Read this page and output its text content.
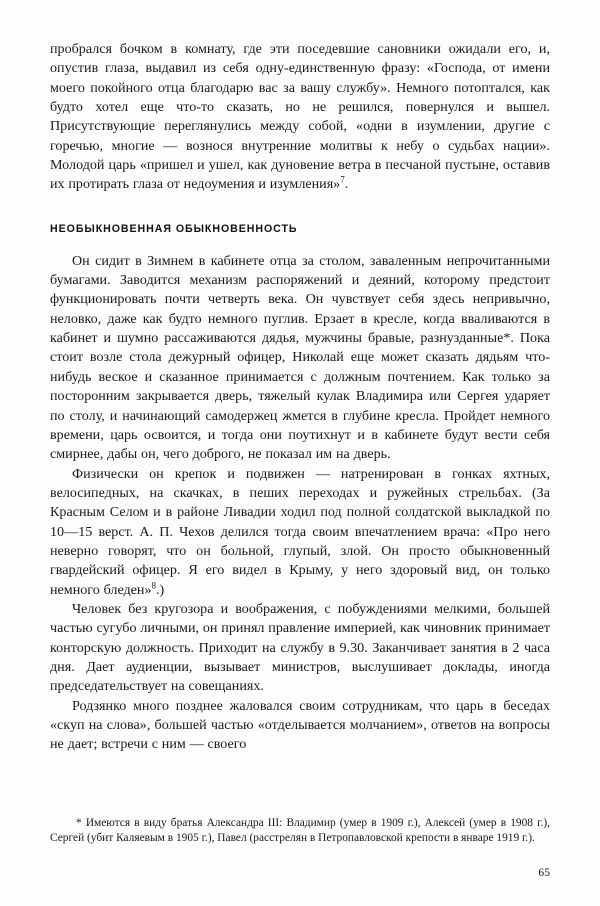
пробрался бочком в комнату, где эти поседевшие сановники ожидали его, и, опустив глаза, выдавил из себя одну-единственную фразу: «Господа, от имени моего покойного отца благодарю вас за вашу службу». Немного потоптался, как будто хотел еще что-то сказать, но не решился, повернулся и вышел. Присутствующие переглянулись между собой, «одни в изумлении, другие с горечью, многие — вознося внутренние молитвы к небу о судьбах нации». Молодой царь «пришел и ушел, как дуновение ветра в песчаной пустыне, оставив их протирать глаза от недоумения и изумления»$^7$.

НЕОБЫКНОВЕННАЯ ОБЫКНОВЕННОСТЬ

Он сидит в Зимнем в кабинете отца за столом, заваленным непрочитанными бумагами. Заводится механизм распоряжений и деяний, которому предстоит функционировать почти четверть века. Он чувствует себя здесь непривычно, неловко, даже как будто немного пуглив. Ерзает в кресле, когда вваливаются в кабинет и шумно рассаживаются дядья, мужчины бравые, разнузданные*. Пока стоит возле стола дежурный офицер, Николай еще может сказать дядьям что-нибудь веское и сказанное принимается с должным почтением. Как только за посторонним закрывается дверь, тяжелый кулак Владимира или Сергея ударяет по столу, и начинающий самодержец жмется в глубине кресла. Пройдет немного времени, царь освоится, и тогда они поутихнут и в кабинете будут вести себя смирнее, дабы он, чего доброго, не показал им на дверь.

Физически он крепок и подвижен — натренирован в гонках яхтных, велосипедных, на скачках, в пеших переходах и ружейных стрельбах. (За Красным Селом и в районе Ливадии ходил под полной солдатской выкладкой по 10—15 верст. А. П. Чехов делился тогда своим впечатлением врача: «Про него неверно говорят, что он больной, глупый, злой. Он просто обыкновенный гвардейский офицер. Я его видел в Крыму, у него здоровый вид, он только немного бледен»$^8$.)

Человек без кругозора и воображения, с побуждениями мелкими, большей частью сугубо личными, он принял правление империей, как чиновник принимает конторскую должность. Приходит на службу в 9.30. Заканчивает занятия в 2 часа дня. Дает аудиенции, вызывает министров, выслушивает доклады, иногда председательствует на совещаниях.

Родзянко много позднее жаловался своим сотрудникам, что царь в беседах «скуп на слова», большей частью «отделывается молчанием», ответов на вопросы не дает; встречи с ним — своего

* Имеются в виду братья Александра III: Владимир (умер в 1909 г.), Алексей (умер в 1908 г.), Сергей (убит Каляевым в 1905 г.), Павел (расстрелян в Петропавловской крепости в январе 1919 г.).

65
